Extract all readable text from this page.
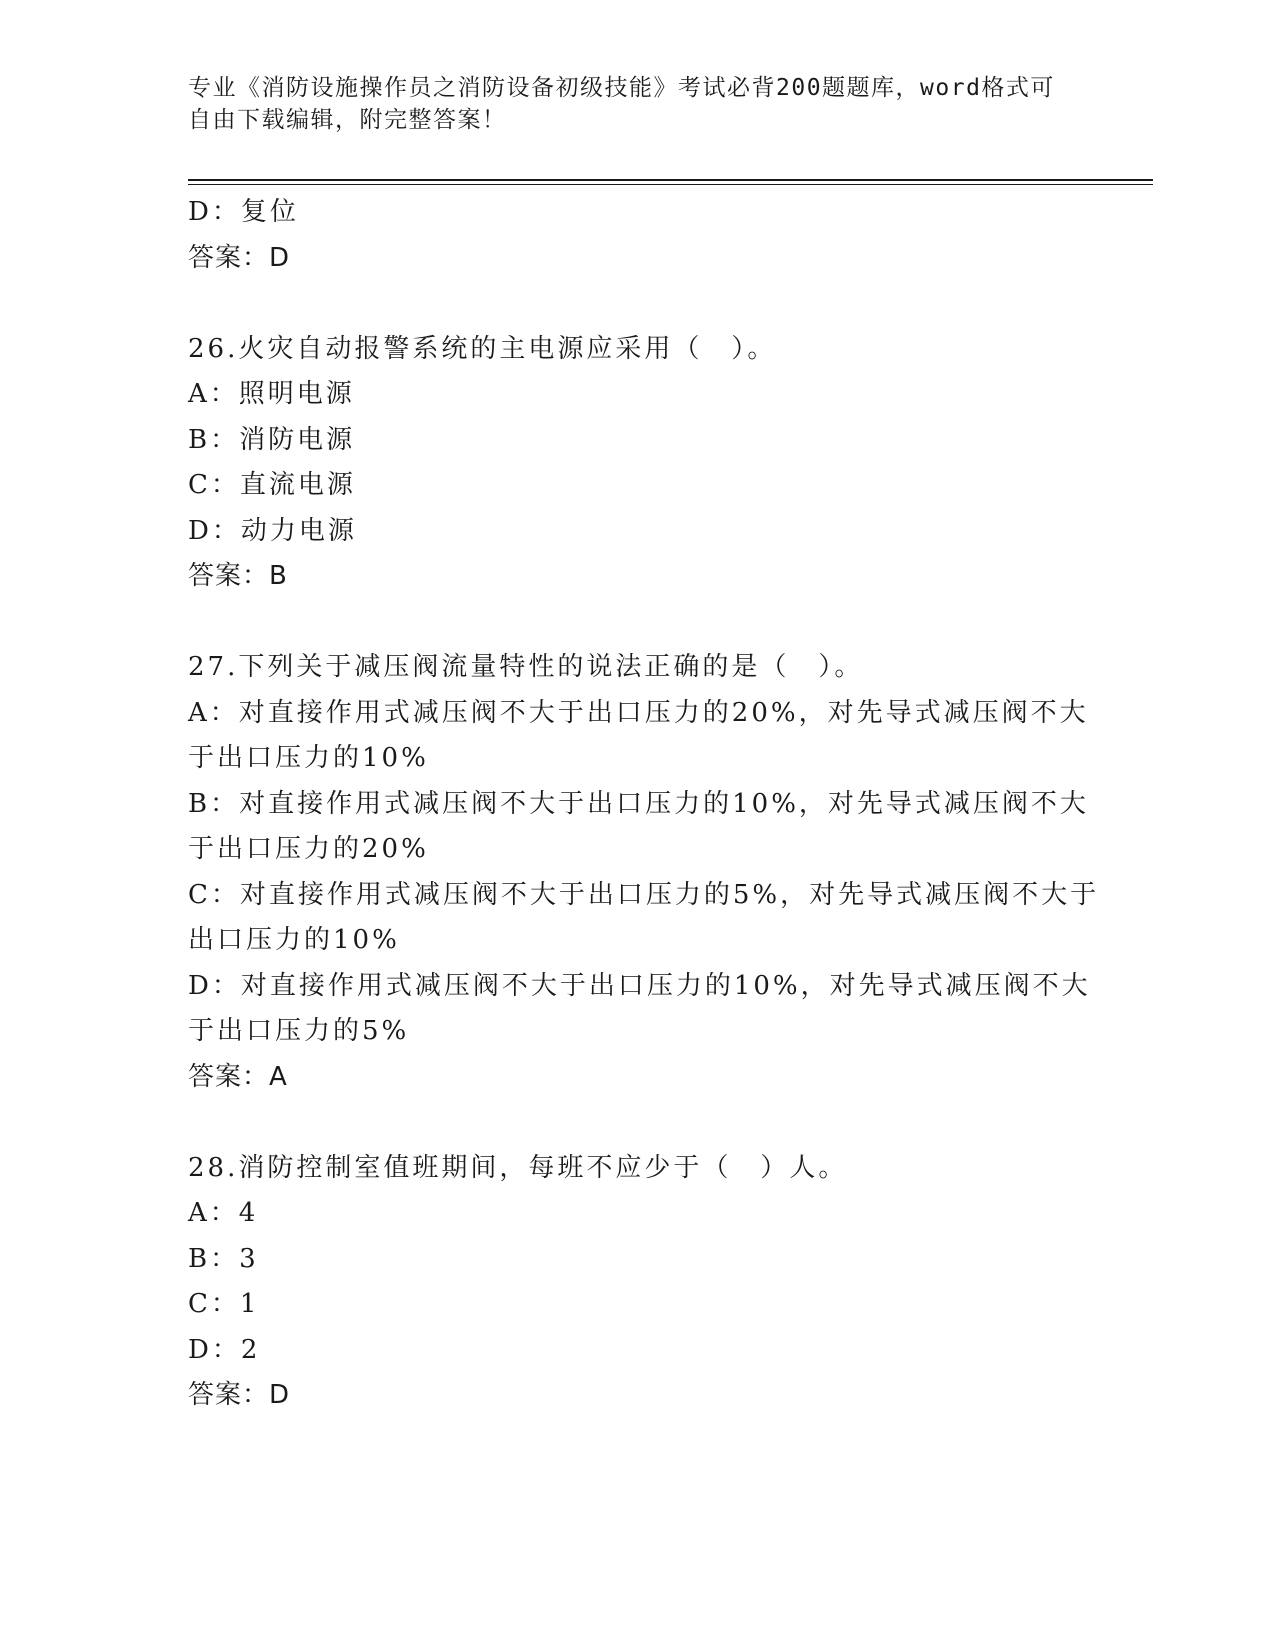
专业《消防设施操作员之消防设备初级技能》考试必背200题题库，word格式可
自由下载编辑，附完整答案！
D：复位
答案：D
26.火灾自动报警系统的主电源应采用（　）。
A：照明电源
B：消防电源
C：直流电源
D：动力电源
答案：B
27.下列关于减压阀流量特性的说法正确的是（　）。
A：对直接作用式减压阀不大于出口压力的20%，对先导式减压阀不大
于出口压力的10%
B：对直接作用式减压阀不大于出口压力的10%，对先导式减压阀不大
于出口压力的20%
C：对直接作用式减压阀不大于出口压力的5%，对先导式减压阀不大于
出口压力的10%
D：对直接作用式减压阀不大于出口压力的10%，对先导式减压阀不大
于出口压力的5%
答案：A
28.消防控制室值班期间，每班不应少于（　）人。
A：4
B：3
C：1
D：2
答案：D
